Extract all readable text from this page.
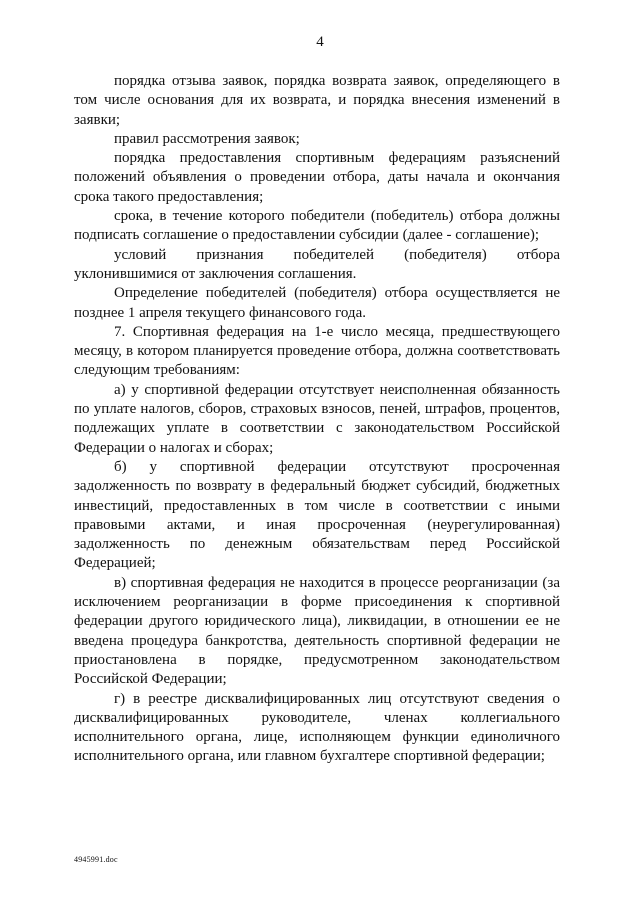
4

порядка отзыва заявок, порядка возврата заявок, определяющего в том числе основания для их возврата, и порядка внесения изменений в заявки;

правил рассмотрения заявок;

порядка предоставления спортивным федерациям разъяснений положений объявления о проведении отбора, даты начала и окончания срока такого предоставления;

срока, в течение которого победители (победитель) отбора должны подписать соглашение о предоставлении субсидии (далее - соглашение);

условий признания победителей (победителя) отбора уклонившимися от заключения соглашения.

Определение победителей (победителя) отбора осуществляется не позднее 1 апреля текущего финансового года.

7. Спортивная федерация на 1-е число месяца, предшествующего месяцу, в котором планируется проведение отбора, должна соответствовать следующим требованиям:

а) у спортивной федерации отсутствует неисполненная обязанность по уплате налогов, сборов, страховых взносов, пеней, штрафов, процентов, подлежащих уплате в соответствии с законодательством Российской Федерации о налогах и сборах;

б) у спортивной федерации отсутствуют просроченная задолженность по возврату в федеральный бюджет субсидий, бюджетных инвестиций, предоставленных в том числе в соответствии с иными правовыми актами, и иная просроченная (неурегулированная) задолженность по денежным обязательствам перед Российской Федерацией;

в) спортивная федерация не находится в процессе реорганизации (за исключением реорганизации в форме присоединения к спортивной федерации другого юридического лица), ликвидации, в отношении ее не введена процедура банкротства, деятельность спортивной федерации не приостановлена в порядке, предусмотренном законодательством Российской Федерации;

г) в реестре дисквалифицированных лиц отсутствуют сведения о дисквалифицированных руководителе, членах коллегиального исполнительного органа, лице, исполняющем функции единоличного исполнительного органа, или главном бухгалтере спортивной федерации;

4945991.doc
